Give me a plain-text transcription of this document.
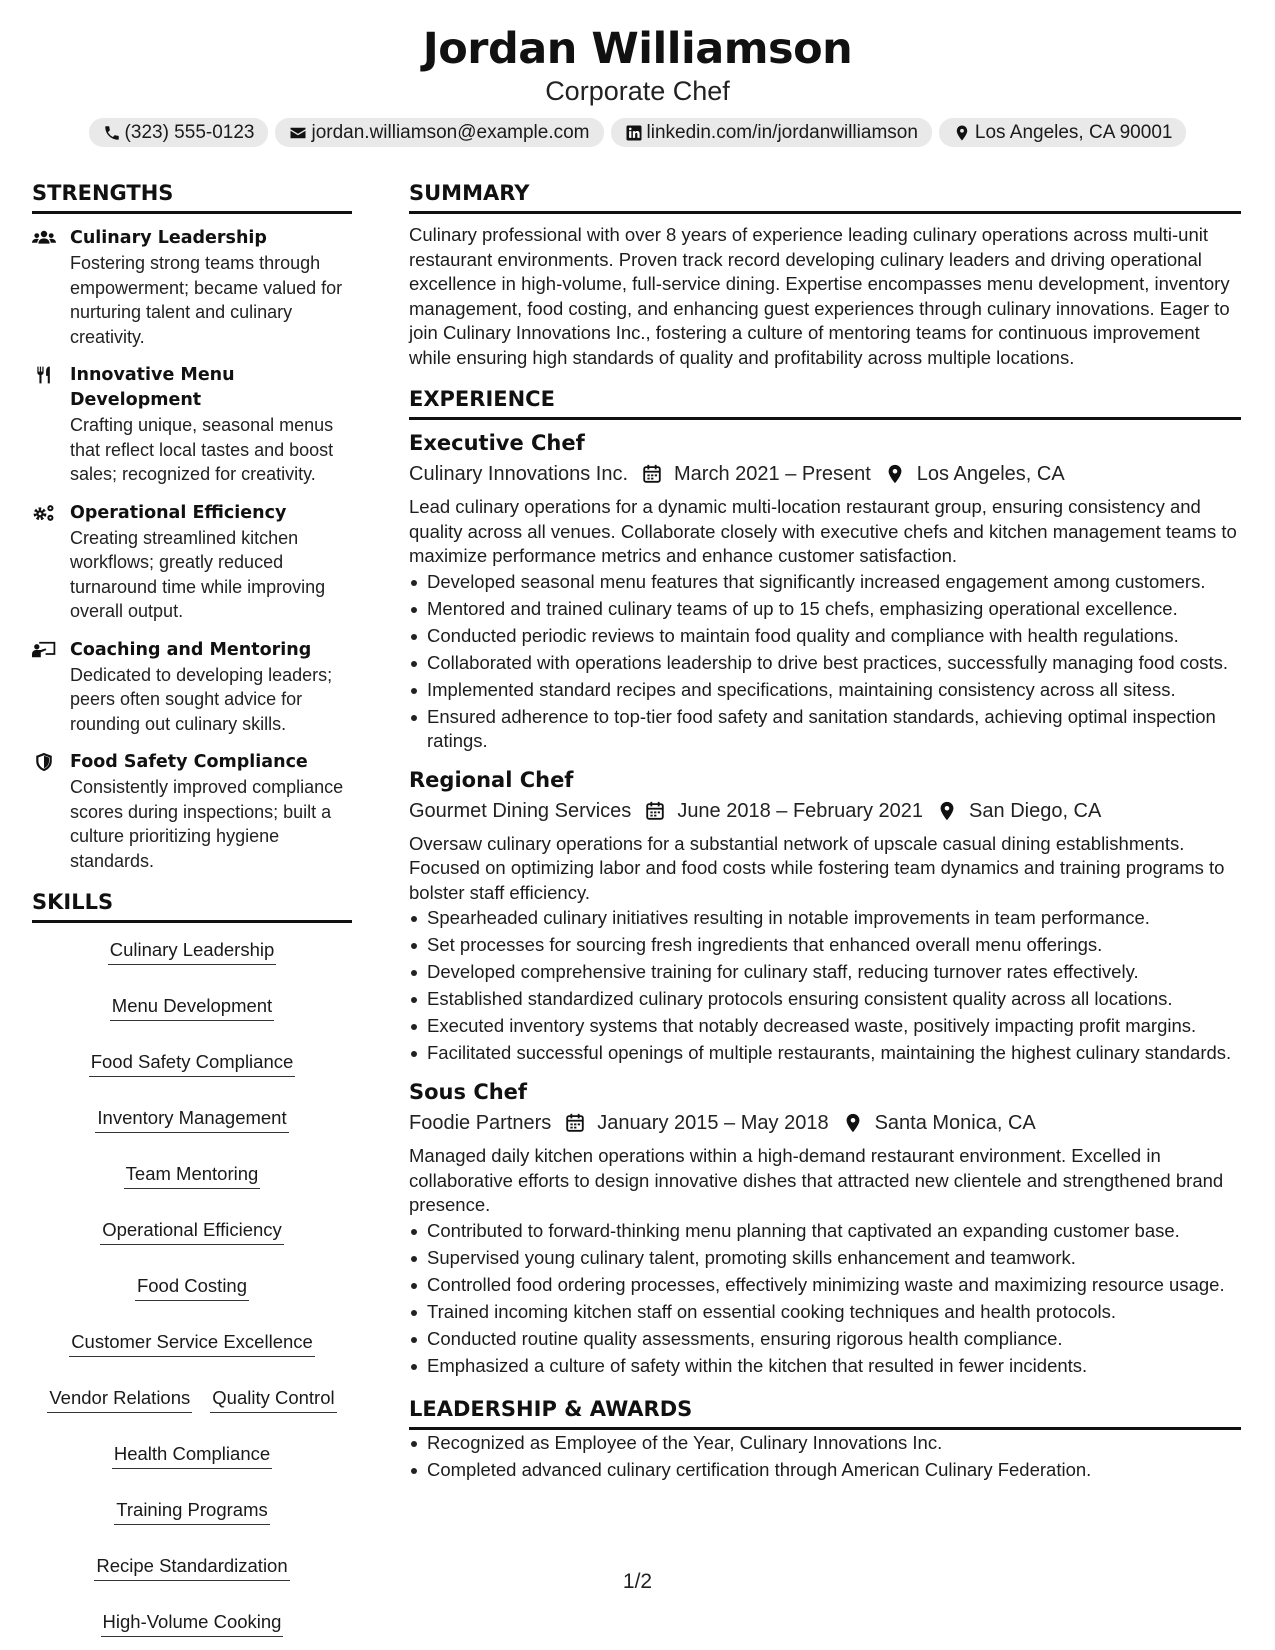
Jordan Williamson
Corporate Chef
(323) 555-0123	jordan.williamson@example.com	linkedin.com/in/jordanwilliamson	Los Angeles, CA 90001
STRENGTHS
Culinary Leadership

Fostering strong teams through empowerment; became valued for nurturing talent and culinary creativity.

Innovative Menu Development

Crafting unique, seasonal menus that reflect local tastes and boost sales; recognized for creativity.

Operational Efficiency

Creating streamlined kitchen workflows; greatly reduced turnaround time while improving overall output.

Coaching and Mentoring

Dedicated to developing leaders; peers often sought advice for rounding out culinary skills.

Food Safety Compliance

Consistently improved compliance scores during inspections; built a culture prioritizing hygiene standards.

SKILLS
Culinary Leadership
Menu Development
Food Safety Compliance
Inventory Management
Team Mentoring
Operational Efficiency
Food Costing
Customer Service Excellence
Vendor Relations Quality Control
Health Compliance
Training Programs
Recipe Standardization
High-Volume Cooking
SUMMARY

Culinary professional with over 8 years of experience leading culinary operations across multi-unit restaurant environments. Proven track record developing culinary leaders and driving operational excellence in high-volume, full-service dining. Expertise encompasses menu development, inventory management, food costing, and enhancing guest experiences through culinary innovations. Eager to join Culinary Innovations Inc., fostering a culture of mentoring teams for continuous improvement while ensuring high standards of quality and profitability across multiple locations.

EXPERIENCE
Executive Chef
Culinary Innovations Inc. March 2021 – Present Los Angeles, CA

Lead culinary operations for a dynamic multi-location restaurant group, ensuring consistency and quality across all venues. Collaborate closely with executive chefs and kitchen management teams to maximize performance metrics and enhance customer satisfaction.

Developed seasonal menu features that significantly increased engagement among customers.
Mentored and trained culinary teams of up to 15 chefs, emphasizing operational excellence.
Conducted periodic reviews to maintain food quality and compliance with health regulations.
Collaborated with operations leadership to drive best practices, successfully managing food costs.
Implemented standard recipes and specifications, maintaining consistency across all sitess.
Ensured adherence to top-tier food safety and sanitation standards, achieving optimal inspection ratings.
Regional Chef
Gourmet Dining Services June 2018 – February 2021 San Diego, CA

Oversaw culinary operations for a substantial network of upscale casual dining establishments. Focused on optimizing labor and food costs while fostering team dynamics and training programs to bolster staff efficiency.

Spearheaded culinary initiatives resulting in notable improvements in team performance.
Set processes for sourcing fresh ingredients that enhanced overall menu offerings.
Developed comprehensive training for culinary staff, reducing turnover rates effectively.
Established standardized culinary protocols ensuring consistent quality across all locations.
Executed inventory systems that notably decreased waste, positively impacting profit margins.
Facilitated successful openings of multiple restaurants, maintaining the highest culinary standards.
Sous Chef
Foodie Partners January 2015 – May 2018 Santa Monica, CA

Managed daily kitchen operations within a high-demand restaurant environment. Excelled in collaborative efforts to design innovative dishes that attracted new clientele and strengthened brand presence.

Contributed to forward-thinking menu planning that captivated an expanding customer base.
Supervised young culinary talent, promoting skills enhancement and teamwork.
Controlled food ordering processes, effectively minimizing waste and maximizing resource usage.
Trained incoming kitchen staff on essential cooking techniques and health protocols.
Conducted routine quality assessments, ensuring rigorous health compliance.
Emphasized a culture of safety within the kitchen that resulted in fewer incidents.
LEADERSHIP & AWARDS
Recognized as Employee of the Year, Culinary Innovations Inc.
Completed advanced culinary certification through American Culinary Federation.
1/2
